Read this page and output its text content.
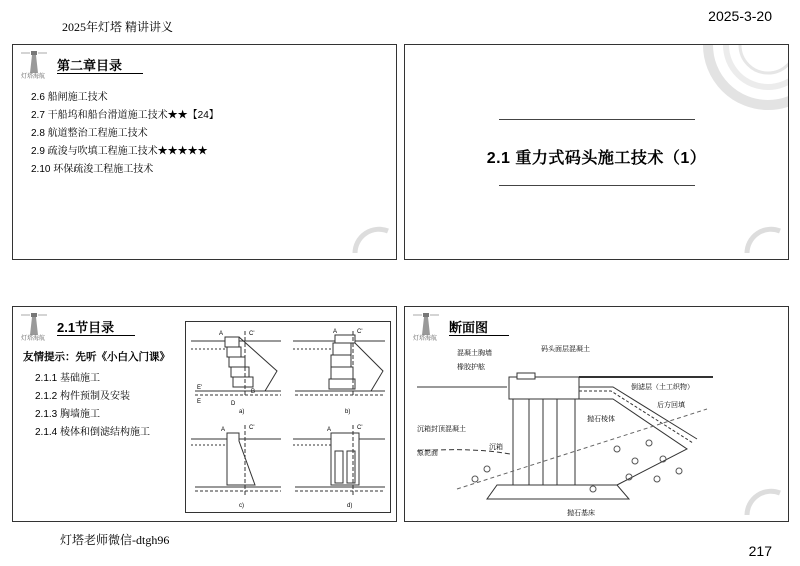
2025年灯塔 精讲讲义
2025-3-20
灯塔海航
第二章目录
2.6 船闸施工技术
2.7 干船坞和船台滑道施工技术★★【24】
2.8 航道整治工程施工技术
2.9 疏浚与吹填工程施工技术★★★★★
2.10 环保疏浚工程施工技术
2.1 重力式码头施工技术（1）
灯塔海航
2.1节目录
友情提示：先听《小白入门课》
2.1.1 基础施工
2.1.2 构件预制及安装
2.1.3 胸墙施工
2.1.4 棱体和倒滤结构施工
A	C'
B
E'
E	D
a)
A	C'
b)
A	C'
c)
A	C'
d)
灯塔海航
断面图
混凝土胸墙
橡胶护舷
码头面层混凝土
倒滤层（土工织物）
后方回填
抛石棱体
沉箱封顶混凝土
沉箱
原泥面
抛石基床
灯塔老师微信-dtgh96
217
